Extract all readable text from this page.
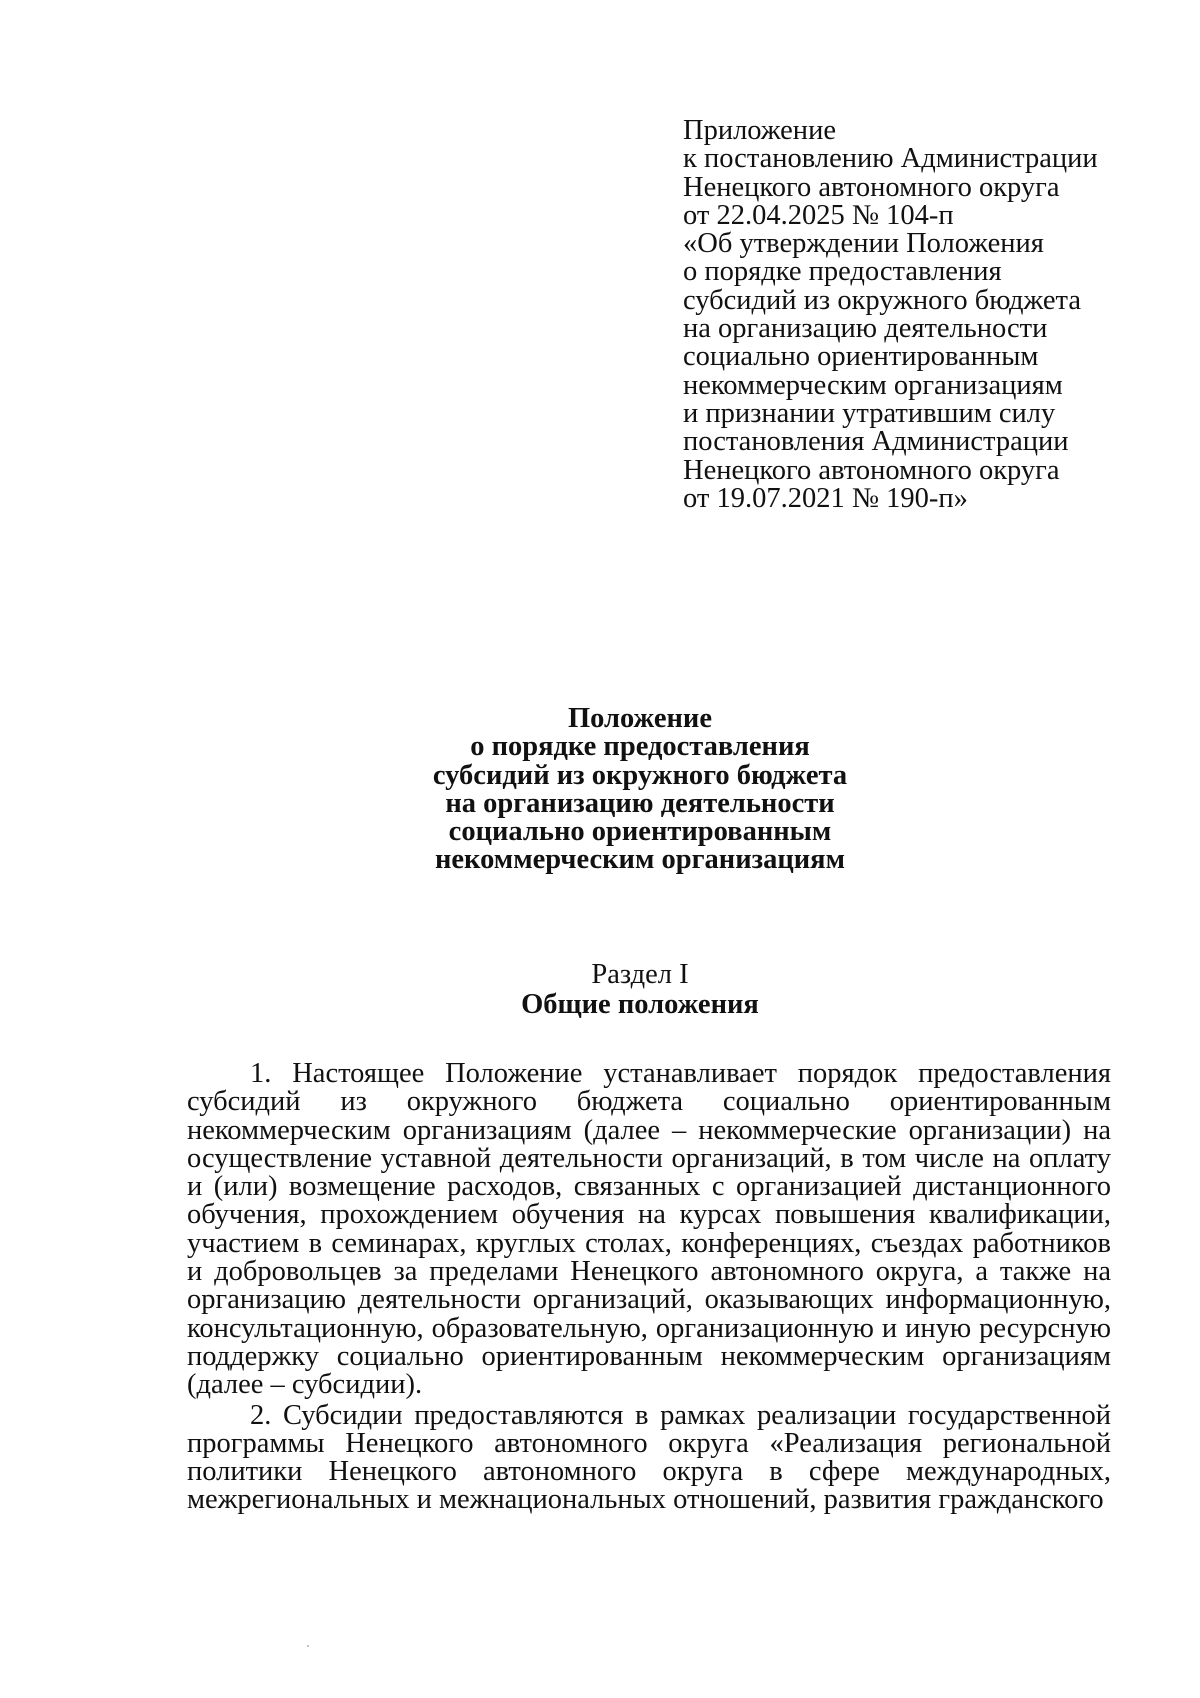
Приложение
к постановлению Администрации
Ненецкого автономного округа
от 22.04.2025 № 104-п
«Об утверждении Положения
о порядке предоставления
субсидий из окружного бюджета
на организацию деятельности
социально ориентированным
некоммерческим организациям
и признании утратившим силу
постановления Администрации
Ненецкого автономного округа
от 19.07.2021 № 190-п»
Положение
о порядке предоставления
субсидий из окружного бюджета
на организацию деятельности
социально ориентированным
некоммерческим организациям
Раздел I
Общие положения

1. Настоящее Положение устанавливает порядок предоставления субсидий из окружного бюджета социально ориентированным некоммерческим организациям (далее – некоммерческие организации) на осуществление уставной деятельности организаций, в том числе на оплату и (или) возмещение расходов, связанных с организацией дистанционного обучения, прохождением обучения на курсах повышения квалификации, участием в семинарах, круглых столах, конференциях, съездах работников и добровольцев за пределами Ненецкого автономного округа, а также на организацию деятельности организаций, оказывающих информационную, консультационную, образовательную, организационную и иную ресурсную поддержку социально ориентированным некоммерческим организациям (далее – субсидии).

2. Субсидии предоставляются в рамках реализации государственной программы Ненецкого автономного округа «Реализация региональной политики Ненецкого автономного округа в сфере международных, межрегиональных и межнациональных отношений, развития гражданского
